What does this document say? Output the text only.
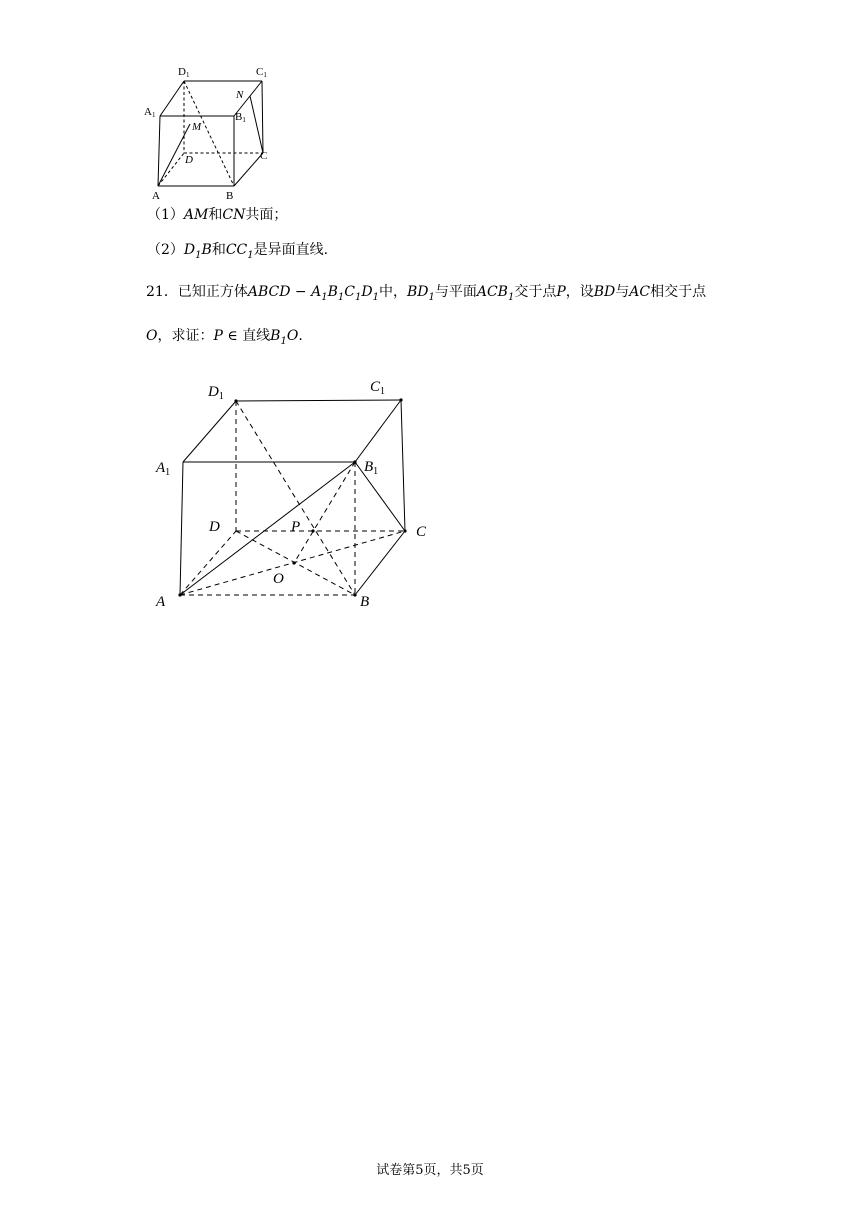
D1	C1
A1	B1
N
M
D	C
A	B
（1）AM和CN共面；
$(2)D_1B$和$CC_1$是异面直线.
21．已知正方体ABCD − $A_1B_1C_1D_1$中，$BD_1$与平面$ACB_1$交于点P，设BD与AC相交于点
O，求证：P ∈ 直线$B_1O$.
$D_1$
$C_1$
$A_1$	$B_1$
D	P	C
O
A	B
试卷第5页，共5页
